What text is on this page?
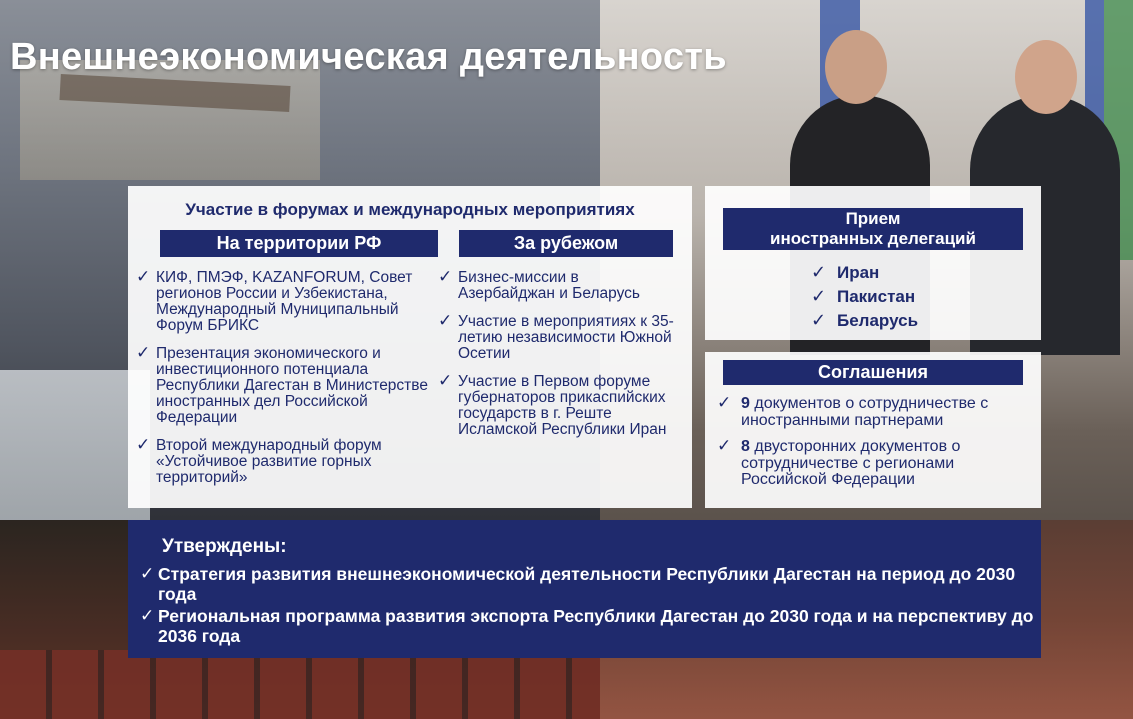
Внешнеэкономическая деятельность
Участие в форумах и международных мероприятиях
На территории РФ	За рубежом
✓ КИФ, ПМЭФ, KAZANFORUM, Совет регионов России и Узбекистана, Международный Муниципальный Форум БРИКС
✓ Презентация экономического и инвестиционного потенциала Республики Дагестан в Министерстве иностранных дел Российской Федерации
✓ Второй международный форум «Устойчивое развитие горных территорий»
✓ Бизнес-миссии в Азербайджан и Беларусь
✓ Участие в мероприятиях к 35-летию независимости Южной Осетии
✓ Участие в Первом форуме губернаторов прикаспийских государств в г. Реште Исламской Республики Иран
Прием
иностранных делегаций
✓ Иран
✓ Пакистан
✓ Беларусь
Соглашения
✓ 9 документов о сотрудничестве с иностранными партнерами
✓ 8 двусторонних документов о сотрудничестве с регионами Российской Федерации
Утверждены:
✓ Стратегия развития внешнеэкономической деятельности Республики Дагестан на период до 2030 года
✓ Региональная программа развития экспорта Республики Дагестан до 2030 года и на перспективу до 2036 года
